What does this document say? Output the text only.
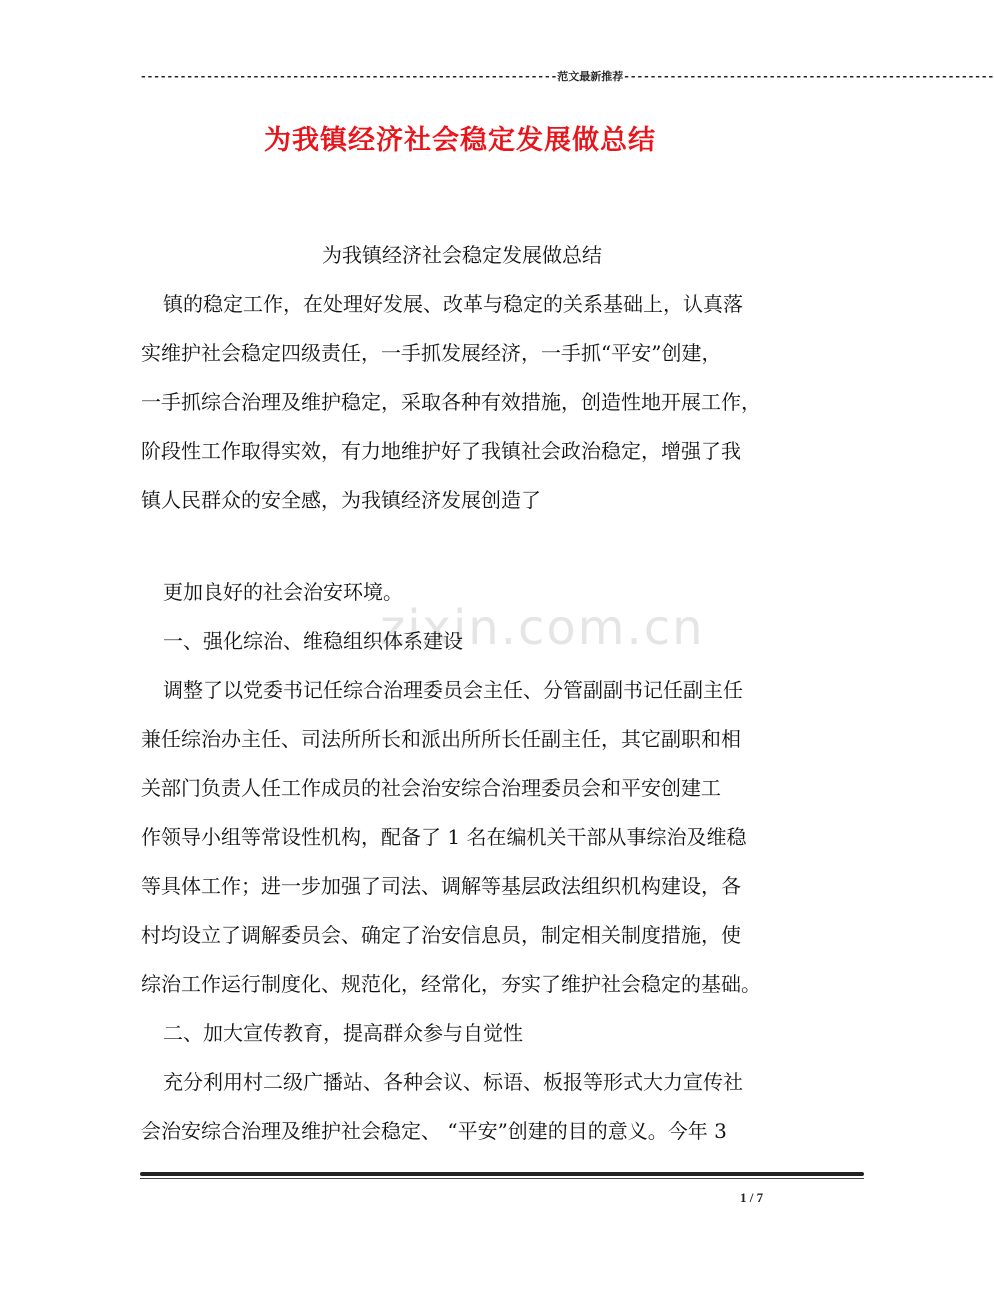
---------------------------------------------------------------范文最新推荐--------------------------------------------------------
为我镇经济社会稳定发展做总结
zixin.com.cn
为我镇经济社会稳定发展做总结
镇的稳定工作，在处理好发展、改革与稳定的关系基础上，认真落
实维护社会稳定四级责任，一手抓发展经济，一手抓“平安”创建，
一手抓综合治理及维护稳定，采取各种有效措施，创造性地开展工作，
阶段性工作取得实效，有力地维护好了我镇社会政治稳定，增强了我
镇人民群众的安全感，为我镇经济发展创造了
更加良好的社会治安环境。
一、强化综治、维稳组织体系建设
调整了以党委书记任综合治理委员会主任、分管副副书记任副主任
兼任综治办主任、司法所所长和派出所所长任副主任，其它副职和相
关部门负责人任工作成员的社会治安综合治理委员会和平安创建工
作领导小组等常设性机构，配备了 1 名在编机关干部从事综治及维稳
等具体工作；进一步加强了司法、调解等基层政法组织机构建设，各
村均设立了调解委员会、确定了治安信息员，制定相关制度措施，使
综治工作运行制度化、规范化，经常化，夯实了维护社会稳定的基础。
二、加大宣传教育，提高群众参与自觉性
充分利用村二级广播站、各种会议、标语、板报等形式大力宣传社
会治安综合治理及维护社会稳定、 “平安”创建的目的意义。今年 3
1 / 7
